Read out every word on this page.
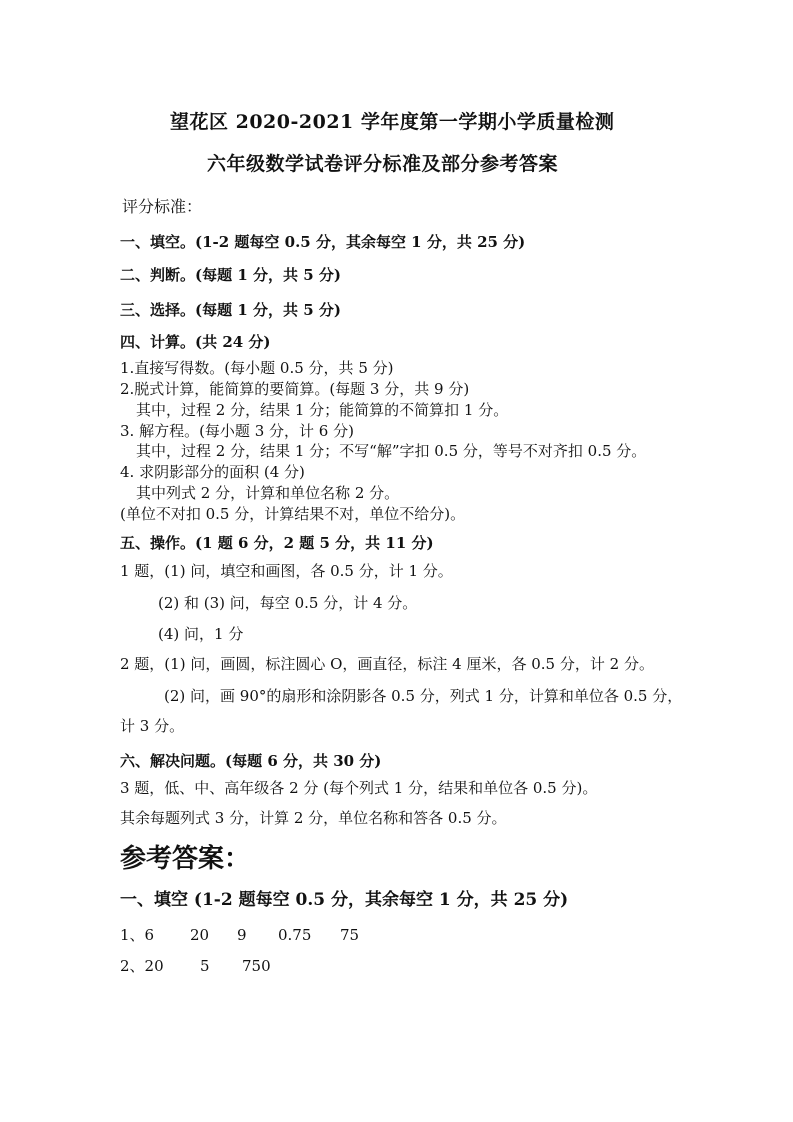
望花区 2020-2021 学年度第一学期小学质量检测
六年级数学试卷评分标准及部分参考答案
评分标准：
一、填空。(1-2 题每空 0.5 分，其余每空 1 分，共 25 分)
二、判断。(每题 1 分，共 5 分)
三、选择。(每题 1 分，共 5 分)
四、计算。(共 24 分)
1.直接写得数。(每小题 0.5 分，共 5 分)
2.脱式计算，能简算的要简算。(每题 3 分，共 9 分)
其中，过程 2 分，结果 1 分；能简算的不简算扣 1 分。
3. 解方程。(每小题 3 分，计 6 分)
其中，过程 2 分，结果 1 分；不写“解”字扣 0.5 分，等号不对齐扣 0.5 分。
4. 求阴影部分的面积 (4 分)
其中列式 2 分，计算和单位名称 2 分。
(单位不对扣 0.5 分，计算结果不对，单位不给分)。
五、操作。(1 题 6 分，2 题 5 分，共 11 分)
1 题，(1) 问，填空和画图，各 0.5 分，计 1 分。
(2) 和 (3) 问，每空 0.5 分，计 4 分。
(4) 问，1 分
2 题，(1) 问，画圆，标注圆心 O，画直径，标注 4 厘米，各 0.5 分，计 2 分。
(2) 问，画 90°的扇形和涂阴影各 0.5 分，列式 1 分，计算和单位各 0.5 分，
计 3 分。
六、解决问题。(每题 6 分，共 30 分)
3 题，低、中、高年级各 2 分 (每个列式 1 分，结果和单位各 0.5 分)。
其余每题列式 3 分，计算 2 分，单位名称和答各 0.5 分。
参考答案：
一、填空 (1-2 题每空 0.5 分，其余每空 1 分，共 25 分)
1、6 20 9 0.75 75
2、20 5 750
